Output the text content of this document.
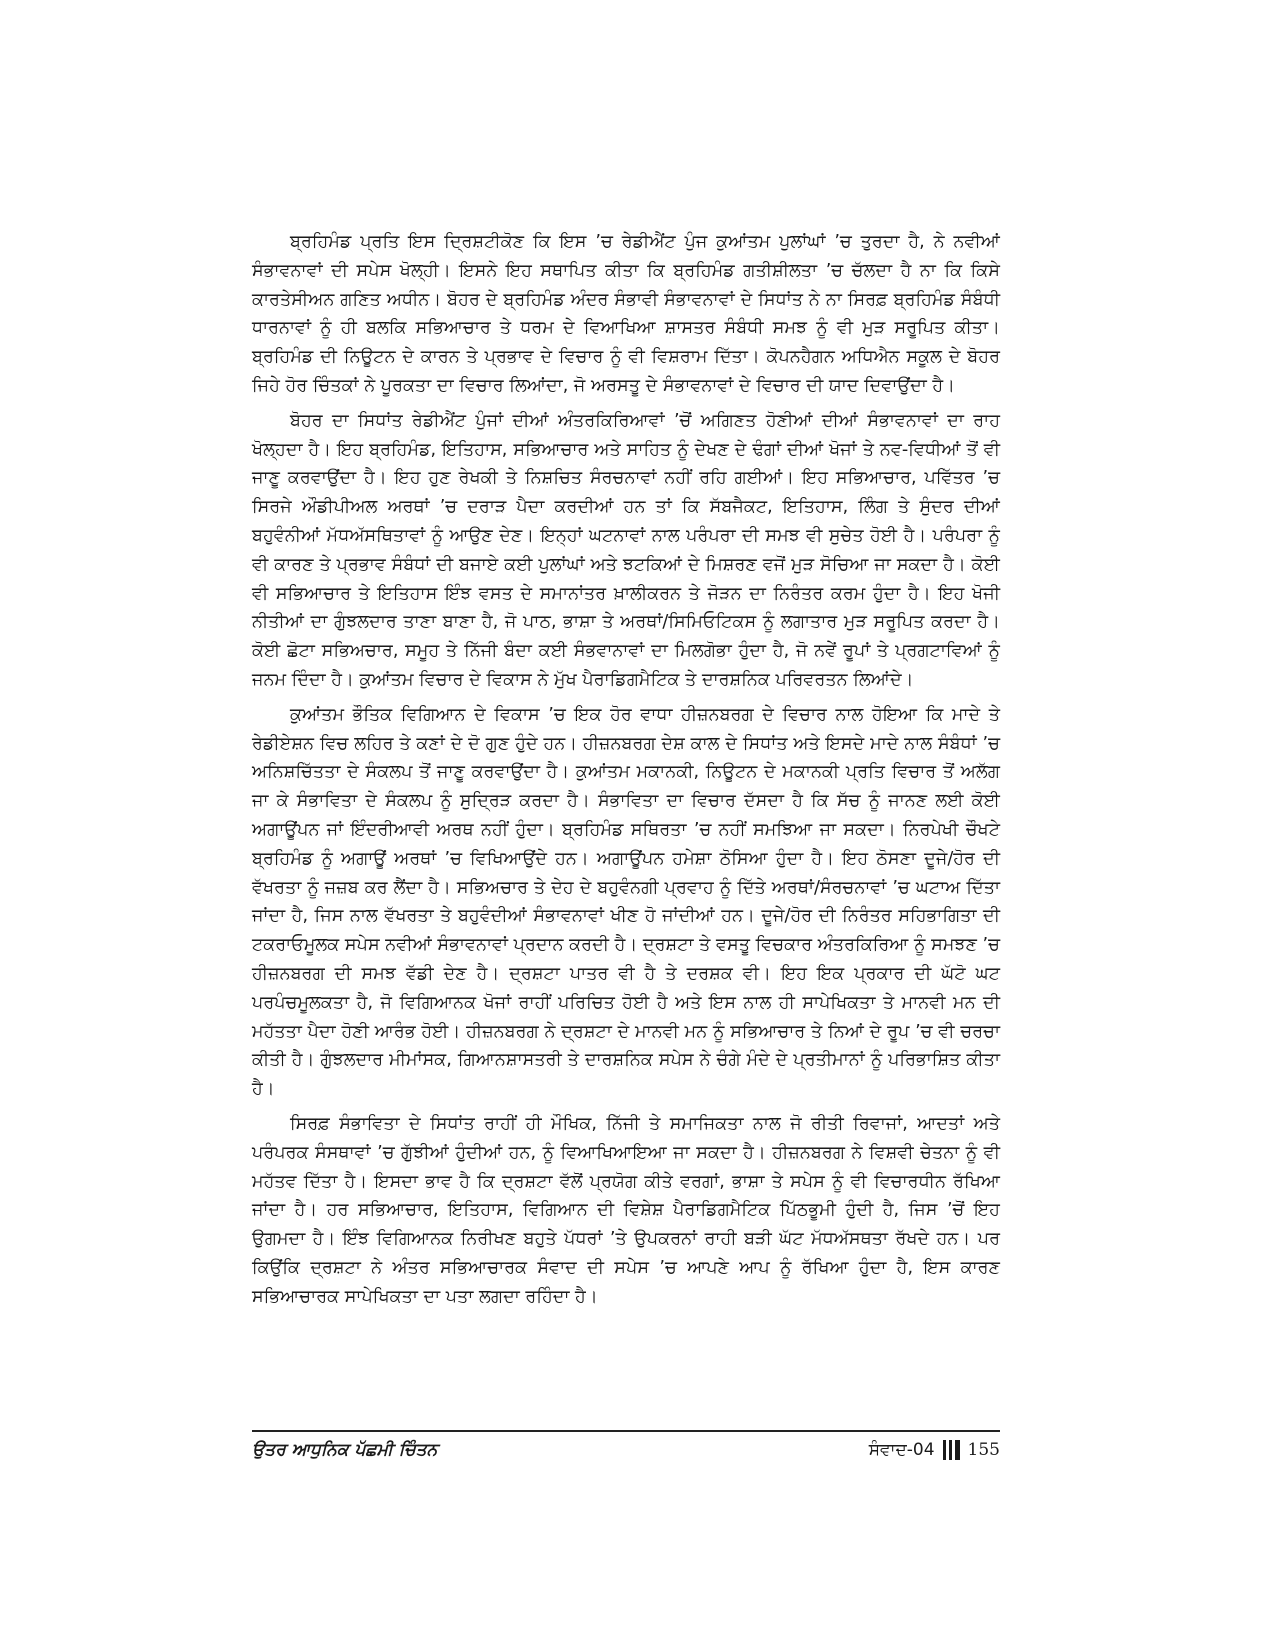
ਬ੍ਰਹਿਮੰਡ ਪ੍ਰਤਿ ਇਸ ਦ੍ਰਿਸ਼ਟੀਕੋਣ ਕਿ ਇਸ ’ਚ ਰੇਡੀਐਂਟ ਪੁੰਜ ਕੁਆਂਤਮ ਪੁਲਾਂਘਾਂ ’ਚ ਤੁਰਦਾ ਹੈ, ਨੇ ਨਵੀਆਂ ਸੰਭਾਵਨਾਵਾਂ ਦੀ ਸਪੇਸ ਖੋਲ੍ਹੀ। ਇਸਨੇ ਇਹ ਸਥਾਪਿਤ ਕੀਤਾ ਕਿ ਬ੍ਰਹਿਮੰਡ ਗਤੀਸ਼ੀਲਤਾ ’ਚ ਚੱਲਦਾ ਹੈ ਨਾ ਕਿ ਕਿਸੇ ਕਾਰਤੇਸੀਅਨ ਗਣਿਤ ਅਧੀਨ। ਬੋਹਰ ਦੇ ਬ੍ਰਹਿਮੰਡ ਅੰਦਰ ਸੰਭਾਵੀ ਸੰਭਾਵਨਾਵਾਂ ਦੇ ਸਿਧਾਂਤ ਨੇ ਨਾ ਸਿਰਫ਼ ਬ੍ਰਹਿਮੰਡ ਸੰਬੰਧੀ ਧਾਰਨਾਵਾਂ ਨੂੰ ਹੀ ਬਲਕਿ ਸਭਿਆਚਾਰ ਤੇ ਧਰਮ ਦੇ ਵਿਆਖਿਆ ਸ਼ਾਸਤਰ ਸੰਬੰਧੀ ਸਮਝ ਨੂੰ ਵੀ ਮੁੜ ਸਰੂਪਿਤ ਕੀਤਾ। ਬ੍ਰਹਿਮੰਡ ਦੀ ਨਿਊਟਨ ਦੇ ਕਾਰਨ ਤੇ ਪ੍ਰਭਾਵ ਦੇ ਵਿਚਾਰ ਨੂੰ ਵੀ ਵਿਸ਼ਰਾਮ ਦਿੱਤਾ। ਕੋਪਨਹੈਗਨ ਅਧਿਐਨ ਸਕੂਲ ਦੇ ਬੋਹਰ ਜਿਹੇ ਹੋਰ ਚਿੰਤਕਾਂ ਨੇ ਪੂਰਕਤਾ ਦਾ ਵਿਚਾਰ ਲਿਆਂਦਾ, ਜੋ ਅਰਸਤੂ ਦੇ ਸੰਭਾਵਨਾਵਾਂ ਦੇ ਵਿਚਾਰ ਦੀ ਯਾਦ ਦਿਵਾਉਂਦਾ ਹੈ।

ਬੋਹਰ ਦਾ ਸਿਧਾਂਤ ਰੇਡੀਐਂਟ ਪੁੰਜਾਂ ਦੀਆਂ ਅੰਤਰਕਿਰਿਆਵਾਂ ’ਚੋਂ ਅਗਿਣਤ ਹੋਣੀਆਂ ਦੀਆਂ ਸੰਭਾਵਨਾਵਾਂ ਦਾ ਰਾਹ ਖੋਲ੍ਹਦਾ ਹੈ। ਇਹ ਬ੍ਰਹਿਮੰਡ, ਇਤਿਹਾਸ, ਸਭਿਆਚਾਰ ਅਤੇ ਸਾਹਿਤ ਨੂੰ ਦੇਖਣ ਦੇ ਢੰਗਾਂ ਦੀਆਂ ਖੋਜਾਂ ਤੇ ਨਵ-ਵਿਧੀਆਂ ਤੋਂ ਵੀ ਜਾਣੂ ਕਰਵਾਉਂਦਾ ਹੈ। ਇਹ ਹੁਣ ਰੇਖਕੀ ਤੇ ਨਿਸ਼ਚਿਤ ਸੰਰਚਨਾਵਾਂ ਨਹੀਂ ਰਹਿ ਗਈਆਂ। ਇਹ ਸਭਿਆਚਾਰ, ਪਵਿੱਤਰ ’ਚ ਸਿਰਜੇ ਔਡੀਪੀਅਲ ਅਰਥਾਂ ’ਚ ਦਰਾੜ ਪੈਦਾ ਕਰਦੀਆਂ ਹਨ ਤਾਂ ਕਿ ਸੱਬਜੈਕਟ, ਇਤਿਹਾਸ, ਲਿੰਗ ਤੇ ਸੁੰਦਰ ਦੀਆਂ ਬਹੁਵੰਨੀਆਂ ਮੱਧਅੱਸਥਿਤਾਵਾਂ ਨੂੰ ਆਉਣ ਦੇਣ। ਇਨ੍ਹਾਂ ਘਟਨਾਵਾਂ ਨਾਲ ਪਰੰਪਰਾ ਦੀ ਸਮਝ ਵੀ ਸੁਚੇਤ ਹੋਈ ਹੈ। ਪਰੰਪਰਾ ਨੂੰ ਵੀ ਕਾਰਣ ਤੇ ਪ੍ਰਭਾਵ ਸੰਬੰਧਾਂ ਦੀ ਬਜਾਏ ਕਈ ਪੁਲਾਂਘਾਂ ਅਤੇ ਝਟਕਿਆਂ ਦੇ ਮਿਸ਼ਰਣ ਵਜੋਂ ਮੁੜ ਸੋਚਿਆ ਜਾ ਸਕਦਾ ਹੈ। ਕੋਈ ਵੀ ਸਭਿਆਚਾਰ ਤੇ ਇਤਿਹਾਸ ਇੰਝ ਵਸਤ ਦੇ ਸਮਾਨਾਂਤਰ ਖ਼ਾਲੀਕਰਨ ਤੇ ਜੋੜਨ ਦਾ ਨਿਰੰਤਰ ਕਰਮ ਹੁੰਦਾ ਹੈ। ਇਹ ਖੋਜੀ ਨੀਤੀਆਂ ਦਾ ਗੁੰਝਲਦਾਰ ਤਾਣਾ ਬਾਣਾ ਹੈ, ਜੋ ਪਾਠ, ਭਾਸ਼ਾ ਤੇ ਅਰਥਾਂ/ਸਿਮਿਓਟਿਕਸ ਨੂੰ ਲਗਾਤਾਰ ਮੁੜ ਸਰੂਪਿਤ ਕਰਦਾ ਹੈ। ਕੋਈ ਛੋਟਾ ਸਭਿਅਚਾਰ, ਸਮੂਹ ਤੇ ਨਿੱਜੀ ਬੰਦਾ ਕਈ ਸੰਭਵਾਨਾਵਾਂ ਦਾ ਮਿਲਗੋਭਾ ਹੁੰਦਾ ਹੈ, ਜੋ ਨਵੇਂ ਰੂਪਾਂ ਤੇ ਪ੍ਰਗਟਾਵਿਆਂ ਨੂੰ ਜਨਮ ਦਿੰਦਾ ਹੈ। ਕੁਆਂਤਮ ਵਿਚਾਰ ਦੇ ਵਿਕਾਸ ਨੇ ਮੁੱਖ ਪੈਰਾਡਿਗਮੈਟਿਕ ਤੇ ਦਾਰਸ਼ਨਿਕ ਪਰਿਵਰਤਨ ਲਿਆਂਦੇ।

ਕੁਆਂਤਮ ਭੌਤਿਕ ਵਿਗਿਆਨ ਦੇ ਵਿਕਾਸ ’ਚ ਇਕ ਹੋਰ ਵਾਧਾ ਹੀਜ਼ਨਬਰਗ ਦੇ ਵਿਚਾਰ ਨਾਲ ਹੋਇਆ ਕਿ ਮਾਦੇ ਤੇ ਰੇਡੀਏਸ਼ਨ ਵਿਚ ਲਹਿਰ ਤੇ ਕਣਾਂ ਦੇ ਦੋ ਗੁਣ ਹੁੰਦੇ ਹਨ। ਹੀਜ਼ਨਬਰਗ ਦੇਸ਼ ਕਾਲ ਦੇ ਸਿਧਾਂਤ ਅਤੇ ਇਸਦੇ ਮਾਦੇ ਨਾਲ ਸੰਬੰਧਾਂ ’ਚ ਅਨਿਸ਼ਚਿੱਤਤਾ ਦੇ ਸੰਕਲਪ ਤੋਂ ਜਾਣੂ ਕਰਵਾਉਂਦਾ ਹੈ। ਕੁਆਂਤਮ ਮਕਾਨਕੀ, ਨਿਊਟਨ ਦੇ ਮਕਾਨਕੀ ਪ੍ਰਤਿ ਵਿਚਾਰ ਤੋਂ ਅਲੱਗ ਜਾ ਕੇ ਸੰਭਾਵਿਤਾ ਦੇ ਸੰਕਲਪ ਨੂੰ ਸੁਦ੍ਰਿੜ ਕਰਦਾ ਹੈ। ਸੰਭਾਵਿਤਾ ਦਾ ਵਿਚਾਰ ਦੱਸਦਾ ਹੈ ਕਿ ਸੱਚ ਨੂੰ ਜਾਨਣ ਲਈ ਕੋਈ ਅਗਾਊਂਪਨ ਜਾਂ ਇੰਦਰੀਆਵੀ ਅਰਥ ਨਹੀਂ ਹੁੰਦਾ। ਬ੍ਰਹਿਮੰਡ ਸਥਿਰਤਾ ’ਚ ਨਹੀਂ ਸਮਝਿਆ ਜਾ ਸਕਦਾ। ਨਿਰਪੇਖੀ ਚੌਖਟੇ ਬ੍ਰਹਿਮੰਡ ਨੂੰ ਅਗਾਊਂ ਅਰਥਾਂ ’ਚ ਵਿਖਿਆਉਂਦੇ ਹਨ। ਅਗਾਊਂਪਨ ਹਮੇਸ਼ਾ ਠੋਸਿਆ ਹੁੰਦਾ ਹੈ। ਇਹ ਠੋਸਣਾ ਦੂਜੇ/ਹੋਰ ਦੀ ਵੱਖਰਤਾ ਨੂੰ ਜਜ਼ਬ ਕਰ ਲੈਂਦਾ ਹੈ। ਸਭਿਅਚਾਰ ਤੇ ਦੇਹ ਦੇ ਬਹੁਵੰਨਗੀ ਪ੍ਰਵਾਹ ਨੂੰ ਦਿੱਤੇ ਅਰਥਾਂ/ਸੰਰਚਨਾਵਾਂ ’ਚ ਘਟਾਅ ਦਿੱਤਾ ਜਾਂਦਾ ਹੈ, ਜਿਸ ਨਾਲ ਵੱਖਰਤਾ ਤੇ ਬਹੁਵੰਦੀਆਂ ਸੰਭਾਵਨਾਵਾਂ ਖੀਣ ਹੋ ਜਾਂਦੀਆਂ ਹਨ। ਦੂਜੇ/ਹੋਰ ਦੀ ਨਿਰੰਤਰ ਸਹਿਭਾਗਿਤਾ ਦੀ ਟਕਰਾਓਮੂਲਕ ਸਪੇਸ ਨਵੀਆਂ ਸੰਭਾਵਨਾਵਾਂ ਪ੍ਰਦਾਨ ਕਰਦੀ ਹੈ। ਦ੍ਰਸ਼ਟਾ ਤੇ ਵਸਤੂ ਵਿਚਕਾਰ ਅੰਤਰਕਿਰਿਆ ਨੂੰ ਸਮਝਣ ’ਚ ਹੀਜ਼ਨਬਰਗ ਦੀ ਸਮਝ ਵੱਡੀ ਦੇਣ ਹੈ। ਦ੍ਰਸ਼ਟਾ ਪਾਤਰ ਵੀ ਹੈ ਤੇ ਦਰਸ਼ਕ ਵੀ। ਇਹ ਇਕ ਪ੍ਰਕਾਰ ਦੀ ਘੱਟੋ ਘਟ ਪਰਪੰਚਮੂਲਕਤਾ ਹੈ, ਜੋ ਵਿਗਿਆਨਕ ਖੋਜਾਂ ਰਾਹੀਂ ਪਰਿਚਿਤ ਹੋਈ ਹੈ ਅਤੇ ਇਸ ਨਾਲ ਹੀ ਸਾਪੇਖਿਕਤਾ ਤੇ ਮਾਨਵੀ ਮਨ ਦੀ ਮਹੱਤਤਾ ਪੈਦਾ ਹੋਣੀ ਆਰੰਭ ਹੋਈ। ਹੀਜ਼ਨਬਰਗ ਨੇ ਦ੍ਰਸ਼ਟਾ ਦੇ ਮਾਨਵੀ ਮਨ ਨੂੰ ਸਭਿਆਚਾਰ ਤੇ ਨਿਆਂ ਦੇ ਰੂਪ ’ਚ ਵੀ ਚਰਚਾ ਕੀਤੀ ਹੈ। ਗੁੰਝਲਦਾਰ ਮੀਮਾਂਸਕ, ਗਿਆਨਸ਼ਾਸਤਰੀ ਤੇ ਦਾਰਸ਼ਨਿਕ ਸਪੇਸ ਨੇ ਚੰਗੇ ਮੰਦੇ ਦੇ ਪ੍ਰਤੀਮਾਨਾਂ ਨੂੰ ਪਰਿਭਾਸ਼ਿਤ ਕੀਤਾ ਹੈ।

ਸਿਰਫ਼ ਸੰਭਾਵਿਤਾ ਦੇ ਸਿਧਾਂਤ ਰਾਹੀਂ ਹੀ ਮੌਖਿਕ, ਨਿੱਜੀ ਤੇ ਸਮਾਜਿਕਤਾ ਨਾਲ ਜੋ ਰੀਤੀ ਰਿਵਾਜਾਂ, ਆਦਤਾਂ ਅਤੇ ਪਰੰਪਰਕ ਸੰਸਥਾਵਾਂ ’ਚ ਗੁੱਝੀਆਂ ਹੁੰਦੀਆਂ ਹਨ, ਨੂੰ ਵਿਆਖਿਆਇਆ ਜਾ ਸਕਦਾ ਹੈ। ਹੀਜ਼ਨਬਰਗ ਨੇ ਵਿਸ਼ਵੀ ਚੇਤਨਾ ਨੂੰ ਵੀ ਮਹੱਤਵ ਦਿੱਤਾ ਹੈ। ਇਸਦਾ ਭਾਵ ਹੈ ਕਿ ਦ੍ਰਸ਼ਟਾ ਵੱਲੋਂ ਪ੍ਰਯੋਗ ਕੀਤੇ ਵਰਗਾਂ, ਭਾਸ਼ਾ ਤੇ ਸਪੇਸ ਨੂੰ ਵੀ ਵਿਚਾਰਧੀਨ ਰੱਖਿਆ ਜਾਂਦਾ ਹੈ। ਹਰ ਸਭਿਆਚਾਰ, ਇਤਿਹਾਸ, ਵਿਗਿਆਨ ਦੀ ਵਿਸ਼ੇਸ਼ ਪੈਰਾਡਿਗਮੈਟਿਕ ਪਿੱਠਭੂਮੀ ਹੁੰਦੀ ਹੈ, ਜਿਸ ’ਚੋਂ ਇਹ ਉਗਮਦਾ ਹੈ। ਇੰਝ ਵਿਗਿਆਨਕ ਨਿਰੀਖਣ ਬਹੁਤੇ ਪੱਧਰਾਂ ’ਤੇ ਉਪਕਰਨਾਂ ਰਾਹੀ ਬੜੀ ਘੱਟ ਮੱਧਅੱਸਥਤਾ ਰੱਖਦੇ ਹਨ। ਪਰ ਕਿਉਂਕਿ ਦ੍ਰਸ਼ਟਾ ਨੇ ਅੰਤਰ ਸਭਿਆਚਾਰਕ ਸੰਵਾਦ ਦੀ ਸਪੇਸ ’ਚ ਆਪਣੇ ਆਪ ਨੂੰ ਰੱਖਿਆ ਹੁੰਦਾ ਹੈ, ਇਸ ਕਾਰਣ ਸਭਿਆਚਾਰਕ ਸਾਪੇਖਿਕਤਾ ਦਾ ਪਤਾ ਲਗਦਾ ਰਹਿੰਦਾ ਹੈ।

ਉਤਰ ਆਧੁਨਿਕ ਪੱਛਮੀ ਚਿੰਤਨ	ਸੰਵਾਦ-04 155
